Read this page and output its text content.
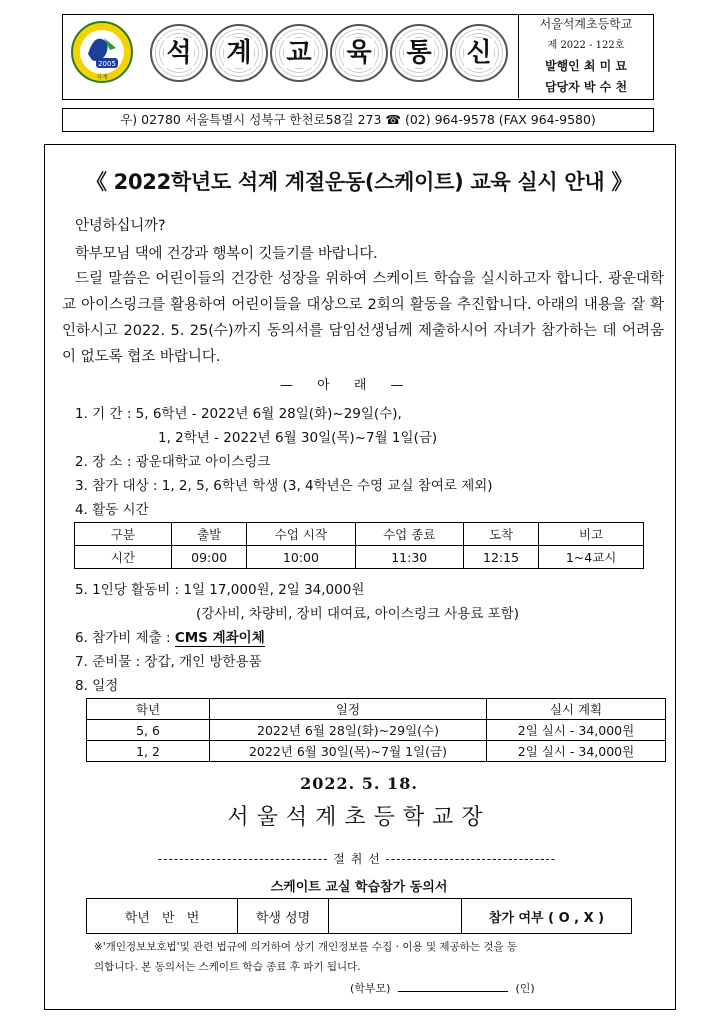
2005
석계
석 계 교 육 통 신
서울석계초등학교
제 2022 - 122호
발행인 최 미 묘
담당자 박 수 천
우) 02780 서울특별시 성북구 한천로58길 273 ☎ (02) 964-9578 (FAX 964-9580)
《 2022학년도 석계 계절운동(스케이트) 교육 실시 안내 》
안녕하십니까?
학부모님 댁에 건강과 행복이 깃들기를 바랍니다.
드릴 말씀은 어린이들의 건강한 성장을 위하여 스케이트 학습을 실시하고자 합니다. 광운대학교 아이스링크를 활용하여 어린이들을 대상으로 2회의 활동을 추진합니다. 아래의 내용을 잘 확인하시고 2022. 5. 25(수)까지 동의서를 담임선생님께 제출하시어 자녀가 참가하는 데 어려움이 없도록 협조 바랍니다.
— 아 래 —
1. 기 간 : 5, 6학년 - 2022년 6월 28일(화)~29일(수),
1, 2학년 - 2022년 6월 30일(목)~7월 1일(금)
2. 장 소 : 광운대학교 아이스링크
3. 참가 대상 : 1, 2, 5, 6학년 학생 (3, 4학년은 수영 교실 참여로 제외)
4. 활동 시간
구분	출발	수업 시작	수업 종료	도착	비고
시간	09:00	10:00	11:30	12:15	1~4교시
5. 1인당 활동비 : 1일 17,000원, 2일 34,000원
(강사비, 차량비, 장비 대여료, 아이스링크 사용료 포함)
6. 참가비 제출 : CMS 계좌이체
7. 준비물 : 장갑, 개인 방한용품
8. 일정
학년	일정	실시 계획
5, 6	2022년 6월 28일(화)~29일(수)	2일 실시 - 34,000원
1, 2	2022년 6월 30일(목)~7월 1일(금)	2일 실시 - 34,000원
2022. 5. 18.
서울석계초등학교장
-------------------------------- 절 취 선 --------------------------------
스케이트 교실 학습참가 동의서
학년 반 번	학생 성명		참가 여부 ( O , X )
※'개인정보보호법'및 관련 법규에 의거하여 상기 개인정보를 수집 · 이용 및 제공하는 것을 동
의합니다. 본 동의서는 스케이트 학습 종료 후 파기 됩니다.
(학부모)	(인)
